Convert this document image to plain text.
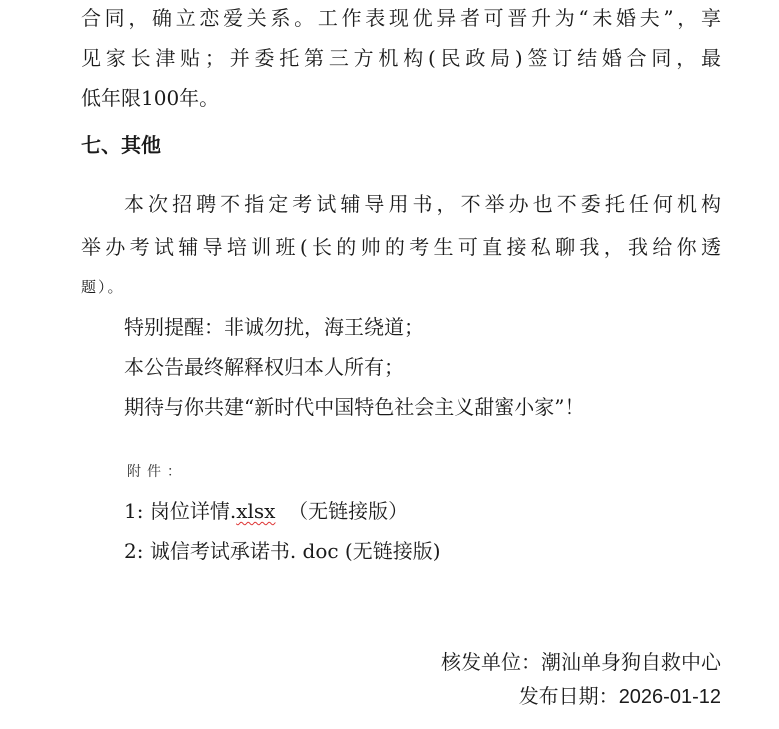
合同，确立恋爱关系。工作表现优异者可晋升为“未婚夫”，享
见家长津贴；并委托第三方机构(民政局)签订结婚合同，最
低年限100年。
七、其他
本次招聘不指定考试辅导用书，不举办也不委托任何机构
举办考试辅导培训班(长的帅的考生可直接私聊我，我给你透
题）。
特别提醒：非诚勿扰，海王绕道；
本公告最终解释权归本人所有；
期待与你共建“新时代中国特色社会主义甜蜜小家”！
附件：
1: 岗位详情.xlsx （无链接版）
2: 诚信考试承诺书. doc (无链接版)
核发单位：潮汕单身狗自救中心
发布日期：2026-01-12
